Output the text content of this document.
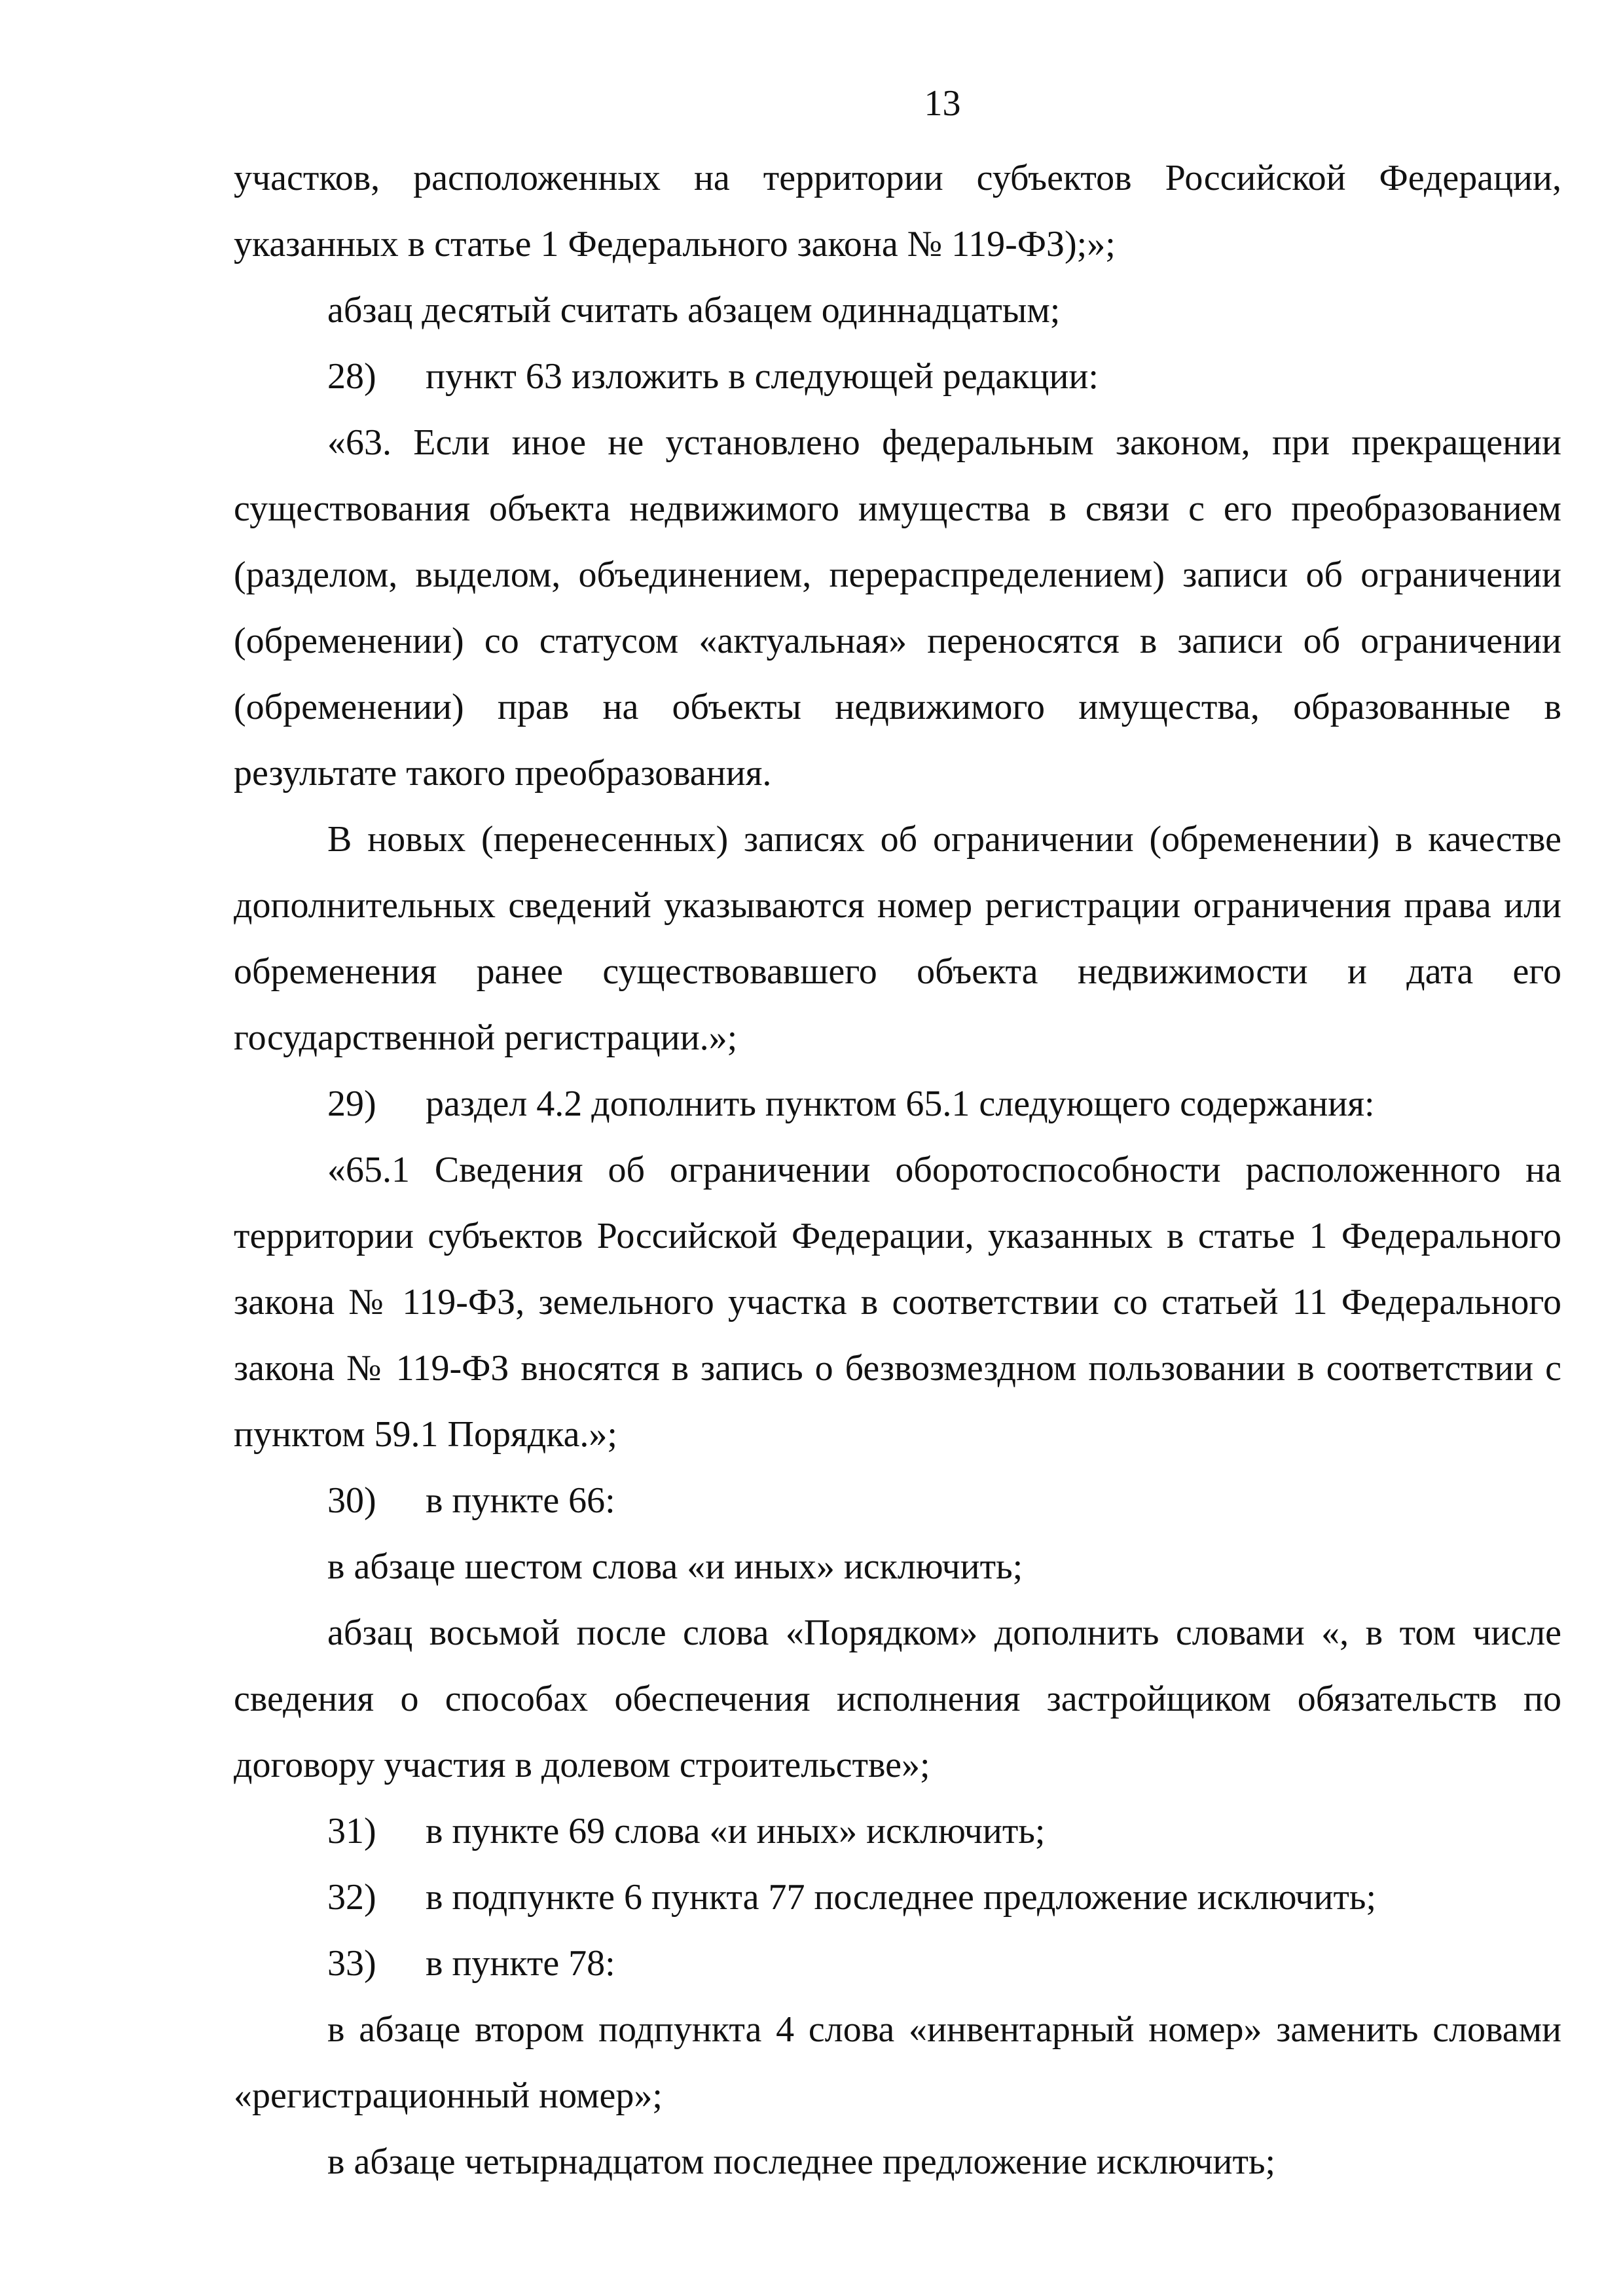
13

участков, расположенных на территории субъектов Российской Федерации, указанных в статье 1 Федерального закона № 119-ФЗ);»;

абзац десятый считать абзацем одиннадцатым;

28) пункт 63 изложить в следующей редакции:

«63. Если иное не установлено федеральным законом, при прекращении существования объекта недвижимого имущества в связи с его преобразованием (разделом, выделом, объединением, перераспределением) записи об ограничении (обременении) со статусом «актуальная» переносятся в записи об ограничении (обременении) прав на объекты недвижимого имущества, образованные в результате такого преобразования.

В новых (перенесенных) записях об ограничении (обременении) в качестве дополнительных сведений указываются номер регистрации ограничения права или обременения ранее существовавшего объекта недвижимости и дата его государственной регистрации.»;

29) раздел 4.2 дополнить пунктом 65.1 следующего содержания:

«65.1 Сведения об ограничении оборотоспособности расположенного на территории субъектов Российской Федерации, указанных в статье 1 Федерального закона № 119-ФЗ, земельного участка в соответствии со статьей 11 Федерального закона № 119-ФЗ вносятся в запись о безвозмездном пользовании в соответствии с пунктом 59.1 Порядка.»;

30) в пункте 66:

в абзаце шестом слова «и иных» исключить;

абзац восьмой после слова «Порядком» дополнить словами «, в том числе сведения о способах обеспечения исполнения застройщиком обязательств по договору участия в долевом строительстве»;

31) в пункте 69 слова «и иных» исключить;

32) в подпункте 6 пункта 77 последнее предложение исключить;

33) в пункте 78:

в абзаце втором подпункта 4 слова «инвентарный номер» заменить словами «регистрационный номер»;

в абзаце четырнадцатом последнее предложение исключить;
